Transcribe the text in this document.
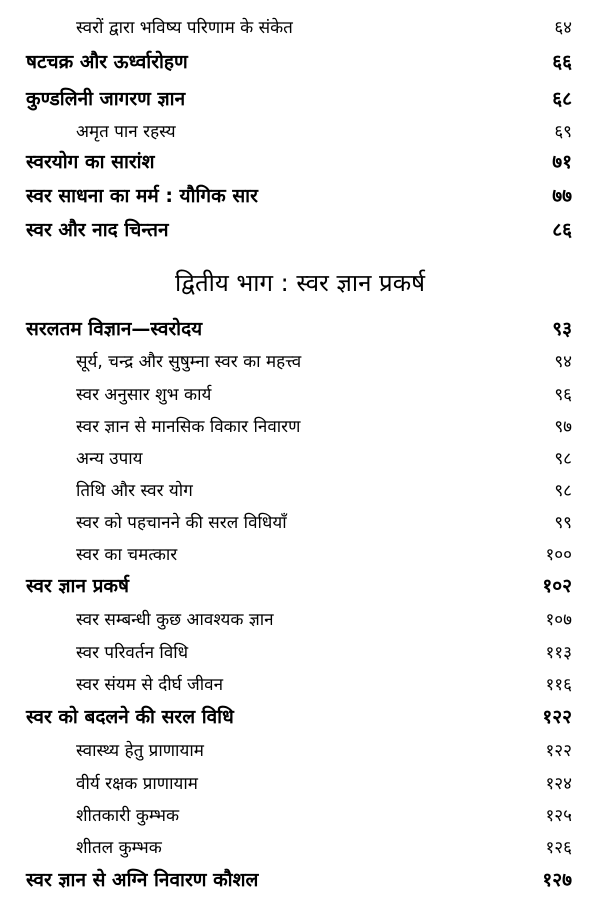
स्वरों द्वारा भविष्य परिणाम के संकेत	६४
षटचक्र और ऊर्ध्वारोहण	६६
कुण्डलिनी जागरण ज्ञान	६८
अमृत पान रहस्य	६९
स्वरयोग का सारांश	७१
स्वर साधना का मर्म : यौगिक सार	७७
स्वर और नाद चिन्तन	८६
द्वितीय भाग : स्वर ज्ञान प्रकर्ष
सरलतम विज्ञान—स्वरोदय	९३
सूर्य, चन्द्र और सुषुम्ना स्वर का महत्त्व	९४
स्वर अनुसार शुभ कार्य	९६
स्वर ज्ञान से मानसिक विकार निवारण	९७
अन्य उपाय	९८
तिथि और स्वर योग	९८
स्वर को पहचानने की सरल विधियाँ	९९
स्वर का चमत्कार	१००
स्वर ज्ञान प्रकर्ष	१०२
स्वर सम्बन्धी कुछ आवश्यक ज्ञान	१०७
स्वर परिवर्तन विधि	११३
स्वर संयम से दीर्घ जीवन	११६
स्वर को बदलने की सरल विधि	१२२
स्वास्थ्य हेतु प्राणायाम	१२२
वीर्य रक्षक प्राणायाम	१२४
शीतकारी कुम्भक	१२५
शीतल कुम्भक	१२६
स्वर ज्ञान से अग्नि निवारण कौशल	१२७
